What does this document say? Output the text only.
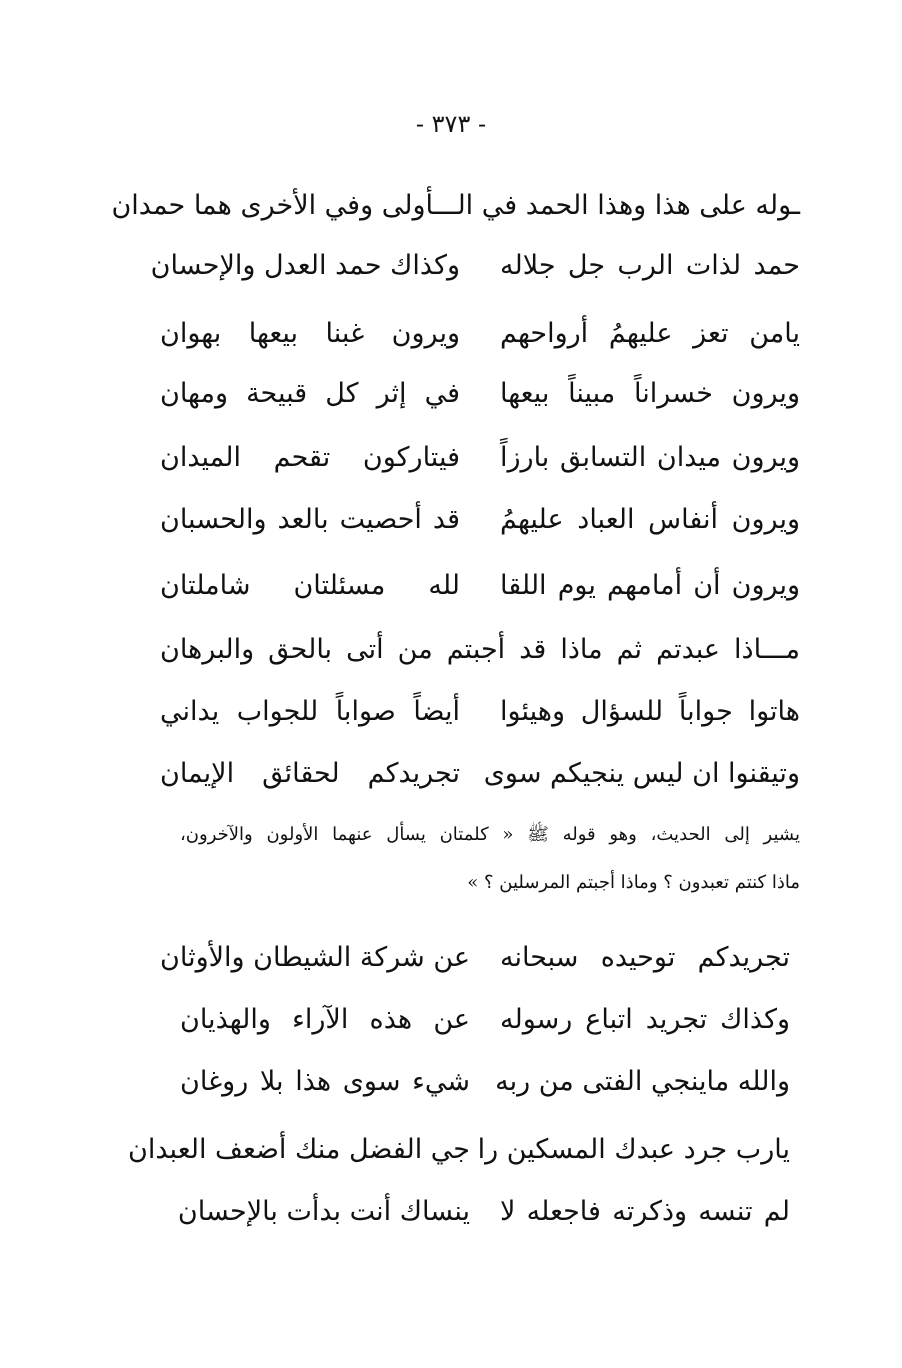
- ٣٧٣ -
ـوله على هذا وهذا الحمد في الـــأولى وفي الأخرى هما حمدان
حمد لذات الرب جل جلاله
وكذاك حمد العدل والإحسان
يامن تعز عليهمُ أرواحهم
ويرون غبنا بيعها بهوان
ويرون خسراناً مبيناً بيعها
في إثر كل قبيحة ومهان
ويرون ميدان التسابق بارزاً
فيتاركون تقحم الميدان
ويرون أنفاس العباد عليهمُ
قد أحصيت بالعد والحسبان
ويرون أن أمامهم يوم اللقا
لله مسئلتان شاملتان
مـــاذا عبدتم ثم ماذا قد أجبتم من أتى بالحق والبرهان
هاتوا جواباً للسؤال وهيئوا
أيضاً صواباً للجواب يداني
وتيقنوا ان ليس ينجيكم سوى
تجريدكم لحقائق الإيمان
يشير إلى الحديث، وهو قوله ﷺ « كلمتان يسأل عنهما الأولون والآخرون،
ماذا كنتم تعبدون ؟ وماذا أجبتم المرسلين ؟ »
تجريدكم توحيده سبحانه
عن شركة الشيطان والأوثان
وكذاك تجريد اتباع رسوله
عن هذه الآراء والهذيان
والله ماينجي الفتى من ربه
شيء سوى هذا بلا روغان
يارب جرد عبدك المسكين را
جي الفضل منك أضعف العبدان
لم تنسه وذكرته فاجعله لا
ينساك أنت بدأت بالإحسان
